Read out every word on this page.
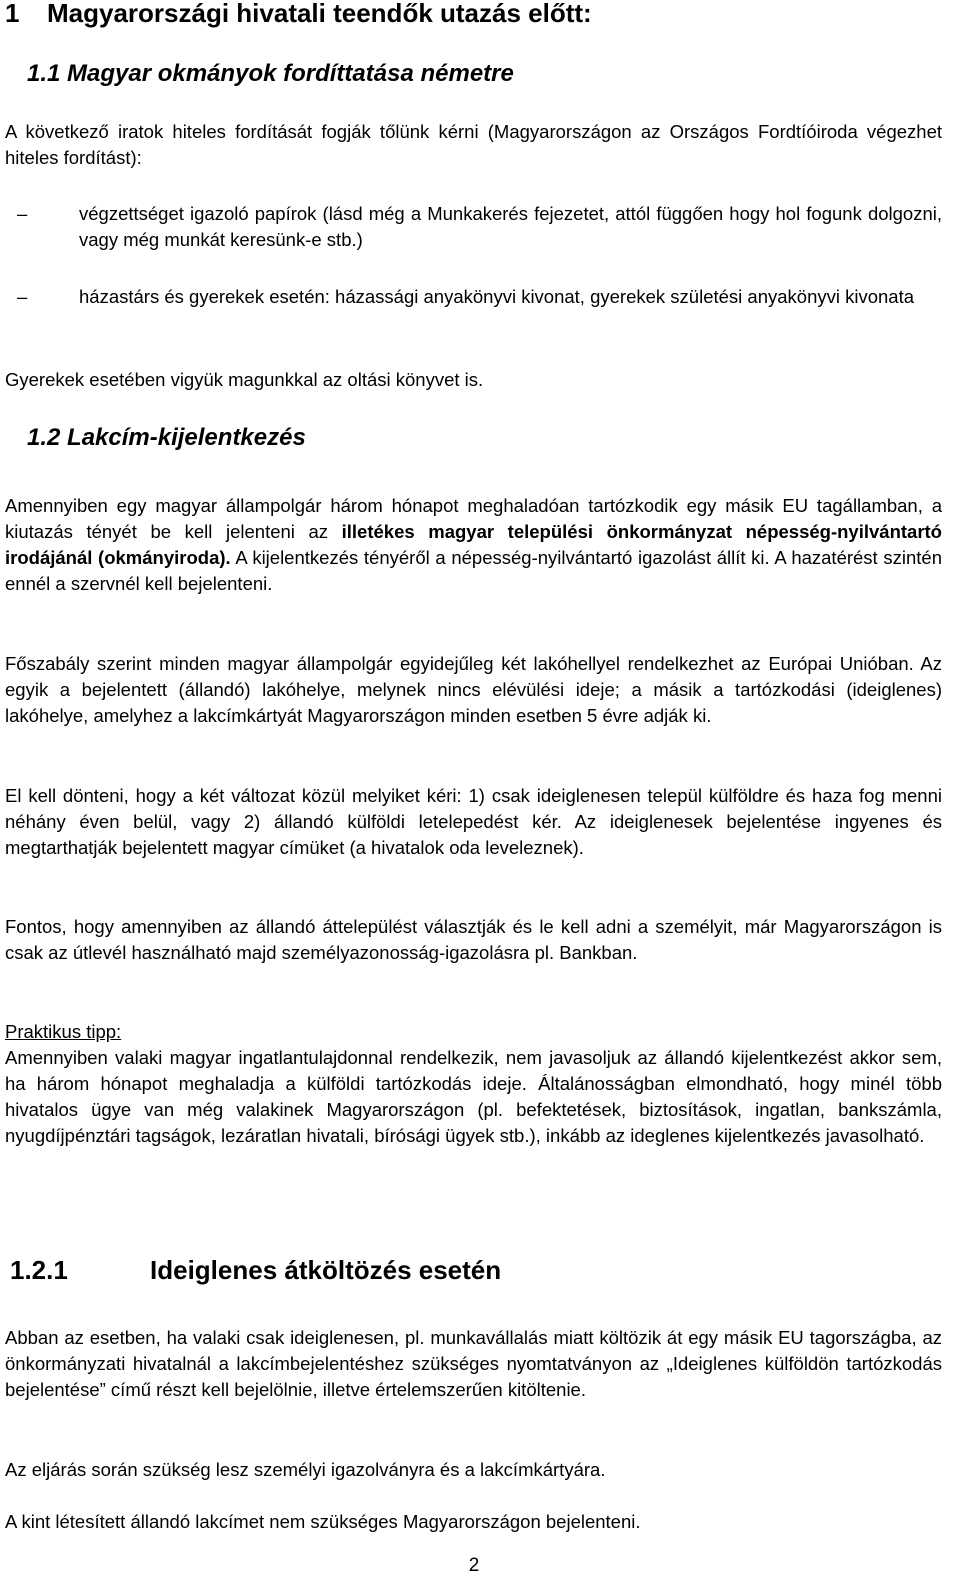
1 Magyarországi hivatali teendők utazás előtt:
1.1 Magyar okmányok fordíttatása németre

A következő iratok hiteles fordítását fogják tőlünk kérni (Magyarországon az Országos Fordtíóiroda végezhet hiteles fordítást):

–	végzettséget igazoló papírok (lásd még a Munkakerés fejezetet, attól függően hogy hol fogunk dolgozni, vagy még munkát keresünk-e stb.)
–	házastárs és gyerekek esetén: házassági anyakönyvi kivonat, gyerekek születési anyakönyvi kivonata

Gyerekek esetében vigyük magunkkal az oltási könyvet is.

1.2 Lakcím-kijelentkezés

Amennyiben egy magyar állampolgár három hónapot meghaladóan tartózkodik egy másik EU tagállamban, a kiutazás tényét be kell jelenteni az illetékes magyar települési önkormányzat népesség-nyilvántartó irodájánál (okmányiroda). A kijelentkezés tényéről a népesség-nyilvántartó igazolást állít ki. A hazatérést szintén ennél a szervnél kell bejelenteni.

Főszabály szerint minden magyar állampolgár egyidejűleg két lakóhellyel rendelkezhet az Európai Unióban. Az egyik a bejelentett (állandó) lakóhelye, melynek nincs elévülési ideje; a másik a tartózkodási (ideiglenes) lakóhelye, amelyhez a lakcímkártyát Magyarországon minden esetben 5 évre adják ki.

El kell dönteni, hogy a két változat közül melyiket kéri: 1) csak ideiglenesen települ külföldre és haza fog menni néhány éven belül, vagy 2) állandó külföldi letelepedést kér. Az ideiglenesek bejelentése ingyenes és megtarthatják bejelentett magyar címüket (a hivatalok oda leveleznek).

Fontos, hogy amennyiben az állandó áttelepülést választják és le kell adni a személyit, már Magyarországon is csak az útlevél használható majd személyazonosság-igazolásra pl. Bankban.

Praktikus tipp:

Amennyiben valaki magyar ingatlantulajdonnal rendelkezik, nem javasoljuk az állandó kijelentkezést akkor sem, ha három hónapot meghaladja a külföldi tartózkodás ideje. Általánosságban elmondható, hogy minél több hivatalos ügye van még valakinek Magyarországon (pl. befektetések, biztosítások, ingatlan, bankszámla, nyugdíjpénztári tagságok, lezáratlan hivatali, bírósági ügyek stb.), inkább az ideglenes kijelentkezés javasolható.

1.2.1	Ideiglenes átköltözés esetén

Abban az esetben, ha valaki csak ideiglenesen, pl. munkavállalás miatt költözik át egy másik EU tagországba, az önkormányzati hivatalnál a lakcímbejelentéshez szükséges nyomtatványon az „Ideiglenes külföldön tartózkodás bejelentése” című részt kell bejelölnie, illetve értelemszerűen kitöltenie.

Az eljárás során szükség lesz személyi igazolványra és a lakcímkártyára.

A kint létesített állandó lakcímet nem szükséges Magyarországon bejelenteni.

2
